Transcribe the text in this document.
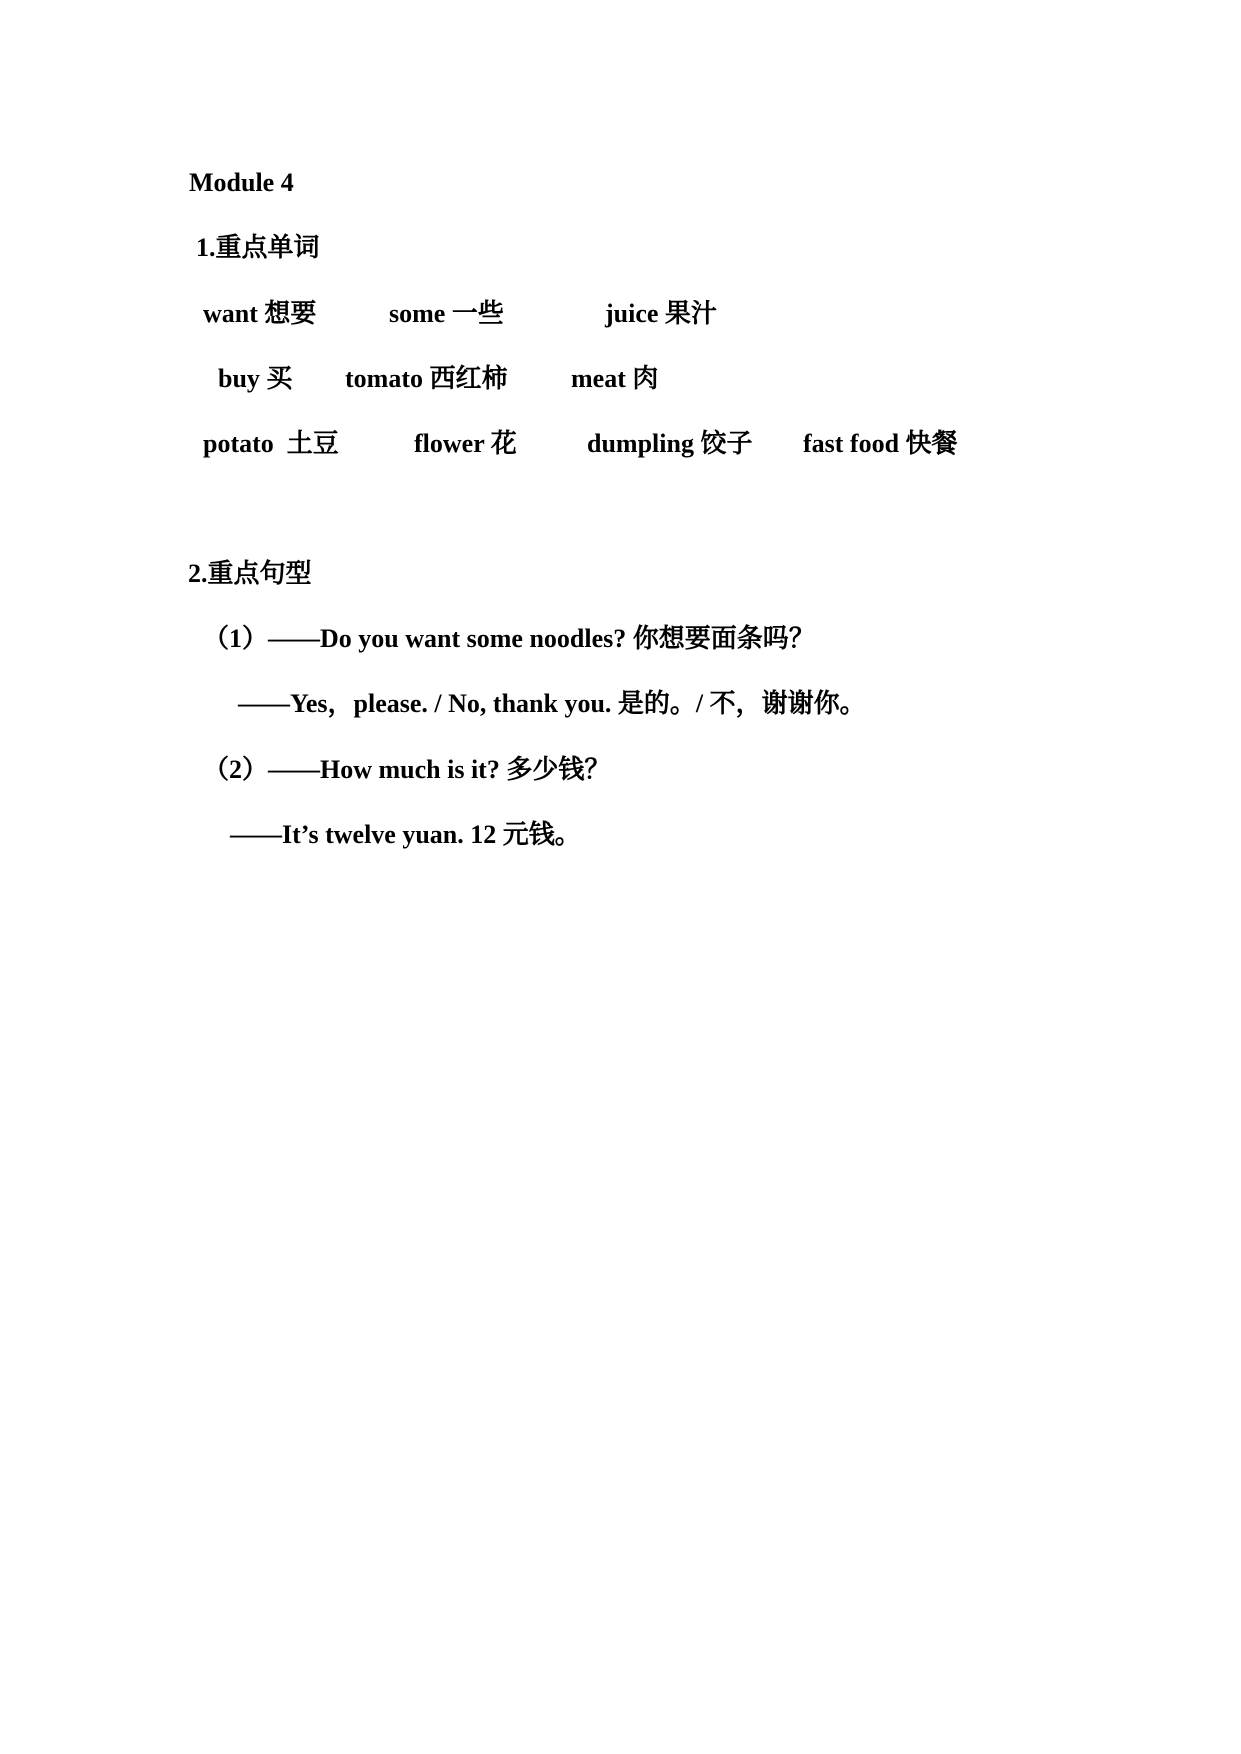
Module 4
1.重点单词
want 想要	some 一些	juice 果汁
buy 买 tomato 西红柿 meat 肉
potato  土豆	flower 花	dumpling 饺子 fast food 快餐
2.重点句型
（1）——Do you want some noodles? 你想要面条吗？
——Yes，please. / No, thank you. 是的。/ 不，谢谢你。
（2）——How much is it? 多少钱？
——It’s twelve yuan. 12 元钱。
